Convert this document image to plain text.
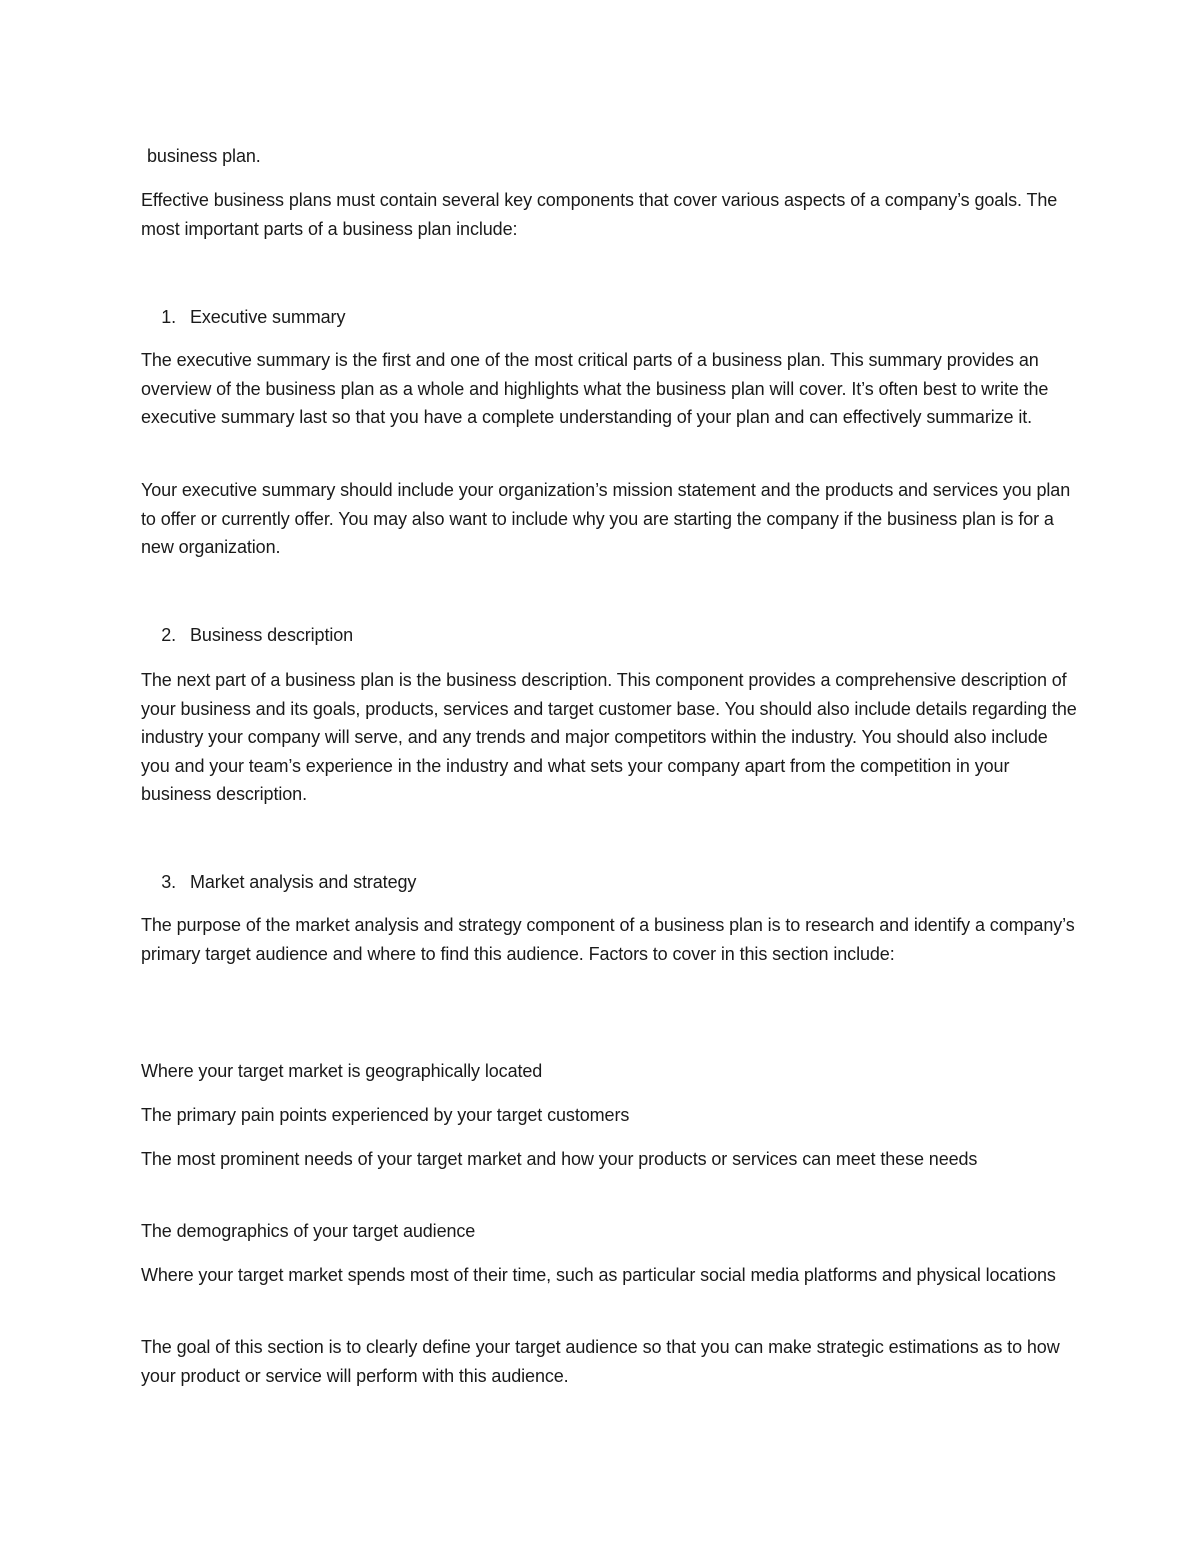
business plan.

Effective business plans must contain several key components that cover various aspects of a company’s goals. The most important parts of a business plan include:

1. Executive summary

The executive summary is the first and one of the most critical parts of a business plan. This summary provides an overview of the business plan as a whole and highlights what the business plan will cover. It’s often best to write the executive summary last so that you have a complete understanding of your plan and can effectively summarize it.

Your executive summary should include your organization’s mission statement and the products and services you plan to offer or currently offer. You may also want to include why you are starting the company if the business plan is for a new organization.

2. Business description

The next part of a business plan is the business description. This component provides a comprehensive description of your business and its goals, products, services and target customer base. You should also include details regarding the industry your company will serve, and any trends and major competitors within the industry. You should also include you and your team’s experience in the industry and what sets your company apart from the competition in your business description.

3. Market analysis and strategy

The purpose of the market analysis and strategy component of a business plan is to research and identify a company’s primary target audience and where to find this audience. Factors to cover in this section include:

Where your target market is geographically located

The primary pain points experienced by your target customers

The most prominent needs of your target market and how your products or services can meet these needs

The demographics of your target audience

Where your target market spends most of their time, such as particular social media platforms and physical locations

The goal of this section is to clearly define your target audience so that you can make strategic estimations as to how your product or service will perform with this audience.
